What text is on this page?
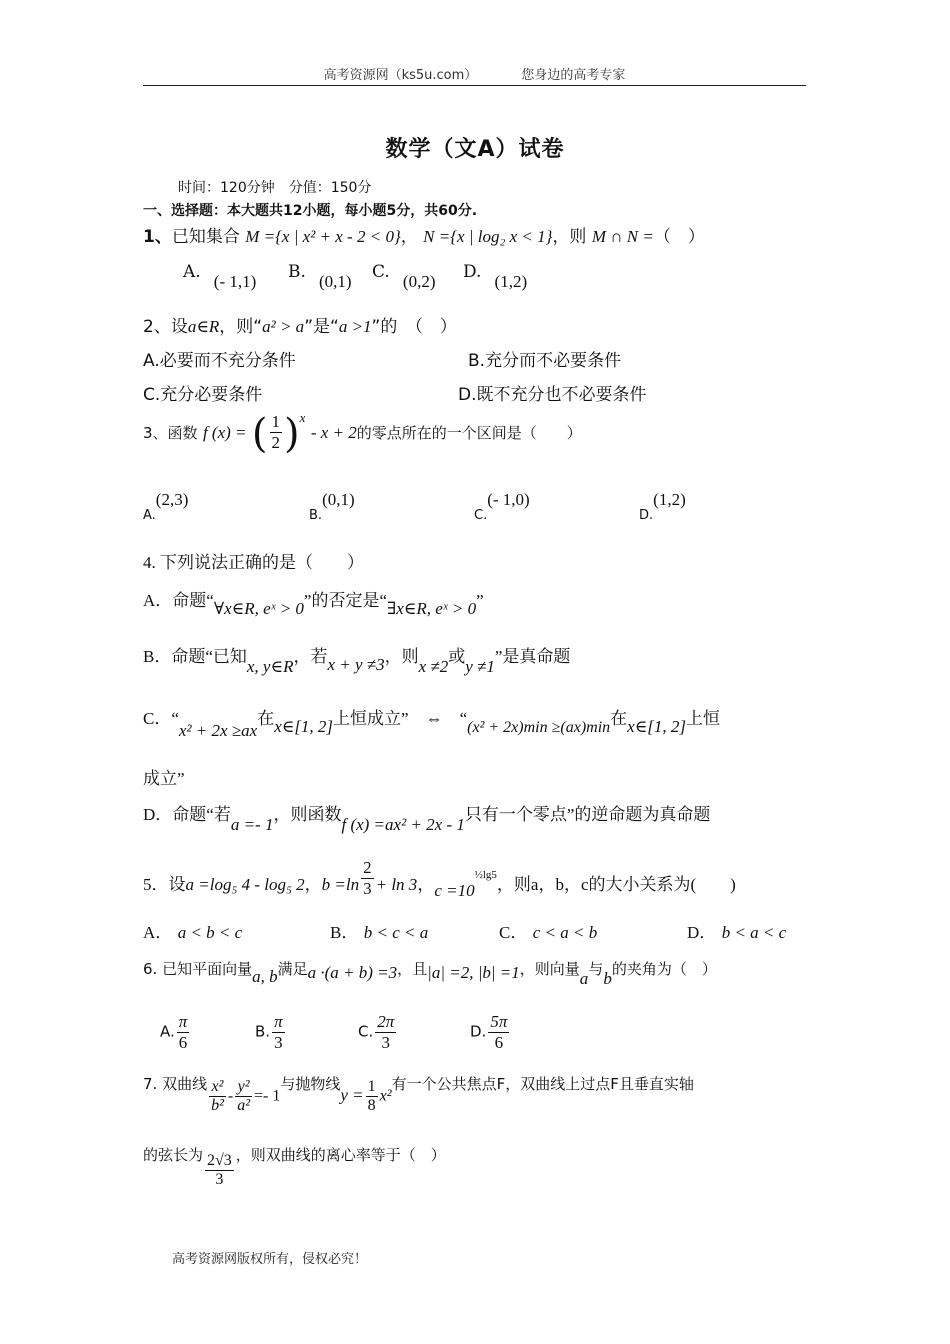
高考资源网（ks5u.com）	您身边的高考专家
数学（文A）试卷
时间：120分钟　分值：150分
一、选择题：本大题共12小题，每小题5分，共60分.
1、已知集合 M ={x | x² + x - 2 < 0}， N ={x | log₂ x < 1}，则 M ∩ N =（　）
A. (- 1,1) B. (0,1) C. (0,2) D. (1,2)
2、设a∈R，则“a² > a”是“a >1”的　（　）
A.必要而不充分条件	B.充分而不必要条件
C.充分必要条件	D.既不充分也不必要条件
3、函数 f (x) = ( $\frac{1}{2} )^x - x + 2$的零点所在的一个区间是（　　）
$_{A.}$(2,3)
$_{B.}$(0,1)
$_{C.}$(- 1,0)
$_{D.}$(1,2)
4. 下列说法正确的是（　　）
A．命题“∀x∈R, eˣ > 0”的否定是“∃x∈R, eˣ > 0”
B．命题“已知x, y∈R，若x + y ≠3，则x ≠2或y ≠1”是真命题
C．“x² + 2x ≥ax在x∈[1, 2]上恒成立”　⇔　“(x² + 2x)min ≥(ax)min在x∈[1, 2]上恒
成立”
D．命题“若a =- 1，则函数f (x) =ax² + 2x - 1只有一个零点”的逆命题为真命题
5．设a =log₅ 4 - log₅ 2，$b =\ln \frac{2}{3} + \ln 3$，c =10½lg5，则a，b，c的大小关系为(　　)
A． a < b < c	B． b < c < a	C． c < a < b	D． b < a < c
6. 已知平面向量a, b满足a ·(a + b) =3，且|a| =2, |b| =1，则向量a与b的夹角为（　）
A. $\frac{\pi}{6}$	B. $\frac{\pi}{3}$	C. $\frac{2\pi}{3}$	D. $\frac{5\pi}{6}$
7. 双曲线 $\frac{\text{x²}}{\text{b²}} - \frac{\text{y²}}{\text{a²}} =- 1$与抛物线$y = \frac{1}{8} x^2$有一个公共焦点F，双曲线上过点F且垂直实轴
的弦长为 $\frac{2√3}{3}$ ，则双曲线的离心率等于（　）
高考资源网版权所有，侵权必究！
